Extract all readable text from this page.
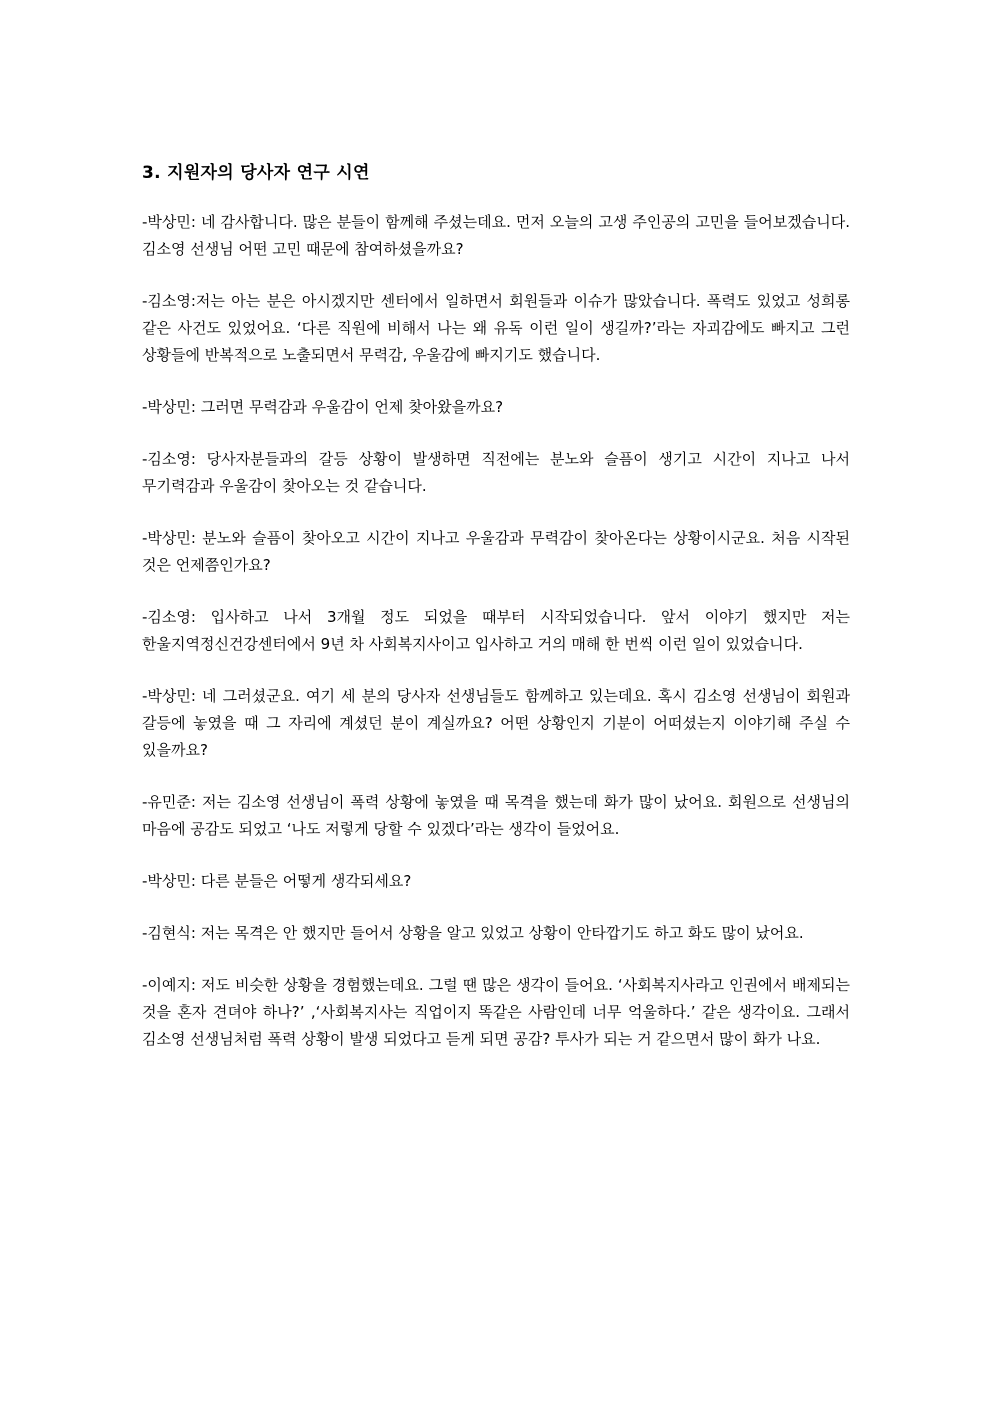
3. 지원자의 당사자 연구 시연

-박상민: 네 감사합니다. 많은 분들이 함께해 주셨는데요. 먼저 오늘의 고생 주인공의 고민을 들어보겠습니다. 김소영 선생님 어떤 고민 때문에 참여하셨을까요?

-김소영:저는 아는 분은 아시겠지만 센터에서 일하면서 회원들과 이슈가 많았습니다. 폭력도 있었고 성희롱 같은 사건도 있었어요. ‘다른 직원에 비해서 나는 왜 유독 이런 일이 생길까?’라는 자괴감에도 빠지고 그런 상황들에 반복적으로 노출되면서 무력감, 우울감에 빠지기도 했습니다.

-박상민: 그러면 무력감과 우울감이 언제 찾아왔을까요?

-김소영: 당사자분들과의 갈등 상황이 발생하면 직전에는 분노와 슬픔이 생기고 시간이 지나고 나서 무기력감과 우울감이 찾아오는 것 같습니다.

-박상민: 분노와 슬픔이 찾아오고 시간이 지나고 우울감과 무력감이 찾아온다는 상황이시군요. 처음 시작된 것은 언제쯤인가요?

-김소영: 입사하고 나서 3개월 정도 되었을 때부터 시작되었습니다. 앞서 이야기 했지만 저는 한울지역정신건강센터에서 9년 차 사회복지사이고 입사하고 거의 매해 한 번씩 이런 일이 있었습니다.

-박상민: 네 그러셨군요. 여기 세 분의 당사자 선생님들도 함께하고 있는데요. 혹시 김소영 선생님이 회원과 갈등에 놓였을 때 그 자리에 계셨던 분이 계실까요? 어떤 상황인지 기분이 어떠셨는지 이야기해 주실 수 있을까요?

-유민준: 저는 김소영 선생님이 폭력 상황에 놓였을 때 목격을 했는데 화가 많이 났어요. 회원으로 선생님의 마음에 공감도 되었고 ‘나도 저렇게 당할 수 있겠다’라는 생각이 들었어요.

-박상민: 다른 분들은 어떻게 생각되세요?

-김현식: 저는 목격은 안 했지만 들어서 상황을 알고 있었고 상황이 안타깝기도 하고 화도 많이 났어요.

-이예지: 저도 비슷한 상황을 경험했는데요. 그럴 땐 많은 생각이 들어요. ‘사회복지사라고 인권에서 배제되는 것을 혼자 견뎌야 하나?’ ,‘사회복지사는 직업이지 똑같은 사람인데 너무 억울하다.’ 같은 생각이요. 그래서 김소영 선생님처럼 폭력 상황이 발생 되었다고 듣게 되면 공감? 투사가 되는 거 같으면서 많이 화가 나요.
